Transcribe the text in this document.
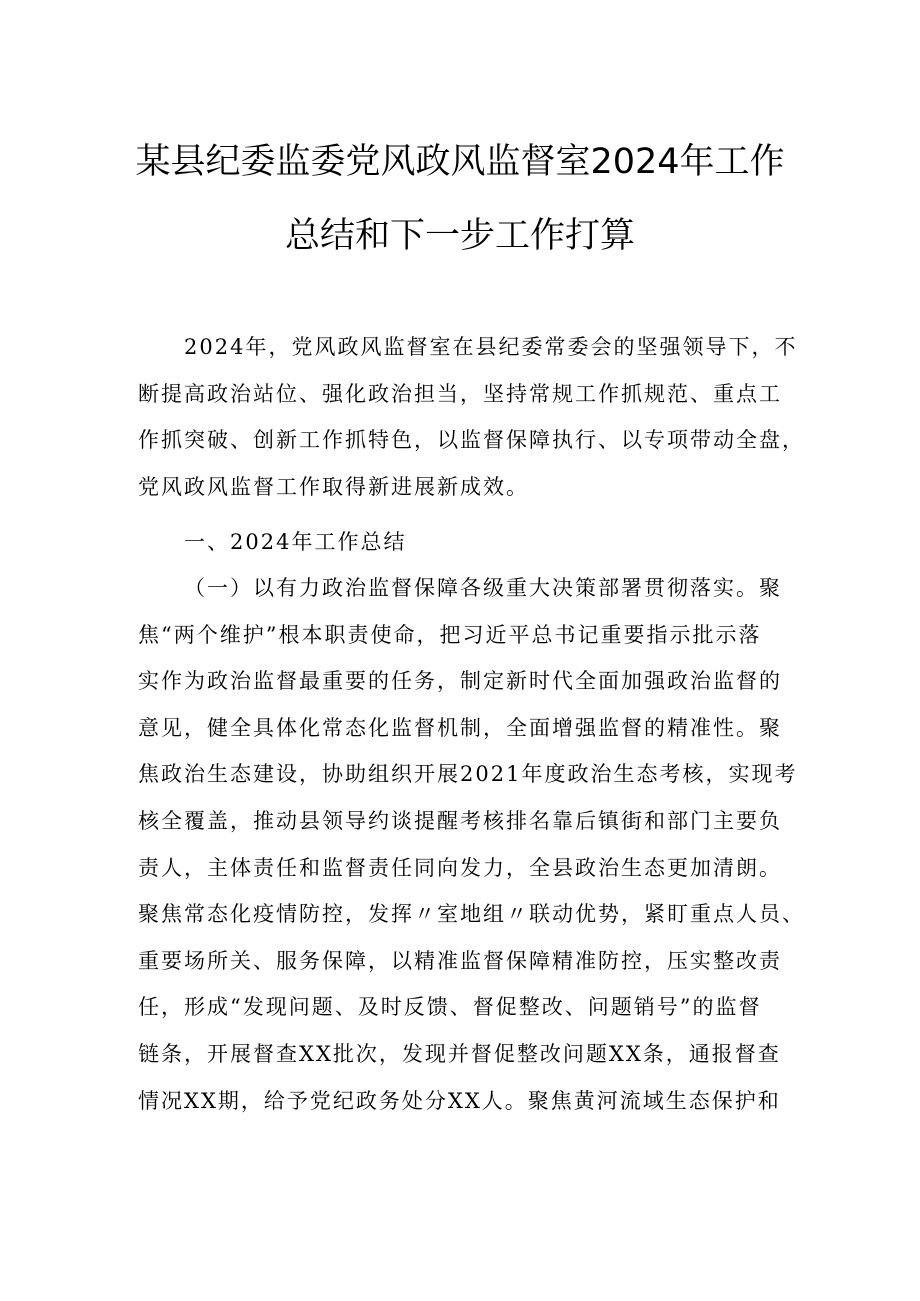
某县纪委监委党风政风监督室2024年工作
总结和下一步工作打算
2024年，党风政风监督室在县纪委常委会的坚强领导下，不
断提高政治站位、强化政治担当，坚持常规工作抓规范、重点工
作抓突破、创新工作抓特色，以监督保障执行、以专项带动全盘，
党风政风监督工作取得新进展新成效。
一、2024年工作总结
（一）以有力政治监督保障各级重大决策部署贯彻落实。聚
焦“两个维护”根本职责使命，把习近平总书记重要指示批示落
实作为政治监督最重要的任务，制定新时代全面加强政治监督的
意见，健全具体化常态化监督机制，全面增强监督的精准性。聚
焦政治生态建设，协助组织开展2021年度政治生态考核，实现考
核全覆盖，推动县领导约谈提醒考核排名靠后镇街和部门主要负
责人，主体责任和监督责任同向发力，全县政治生态更加清朗。
聚焦常态化疫情防控，发挥〃室地组〃联动优势，紧盯重点人员、
重要场所关、服务保障，以精准监督保障精准防控，压实整改责
任，形成“发现问题、及时反馈、督促整改、问题销号”的监督
链条，开展督查XX批次，发现并督促整改问题XX条，通报督查
情况XX期，给予党纪政务处分XX人。聚焦黄河流域生态保护和
